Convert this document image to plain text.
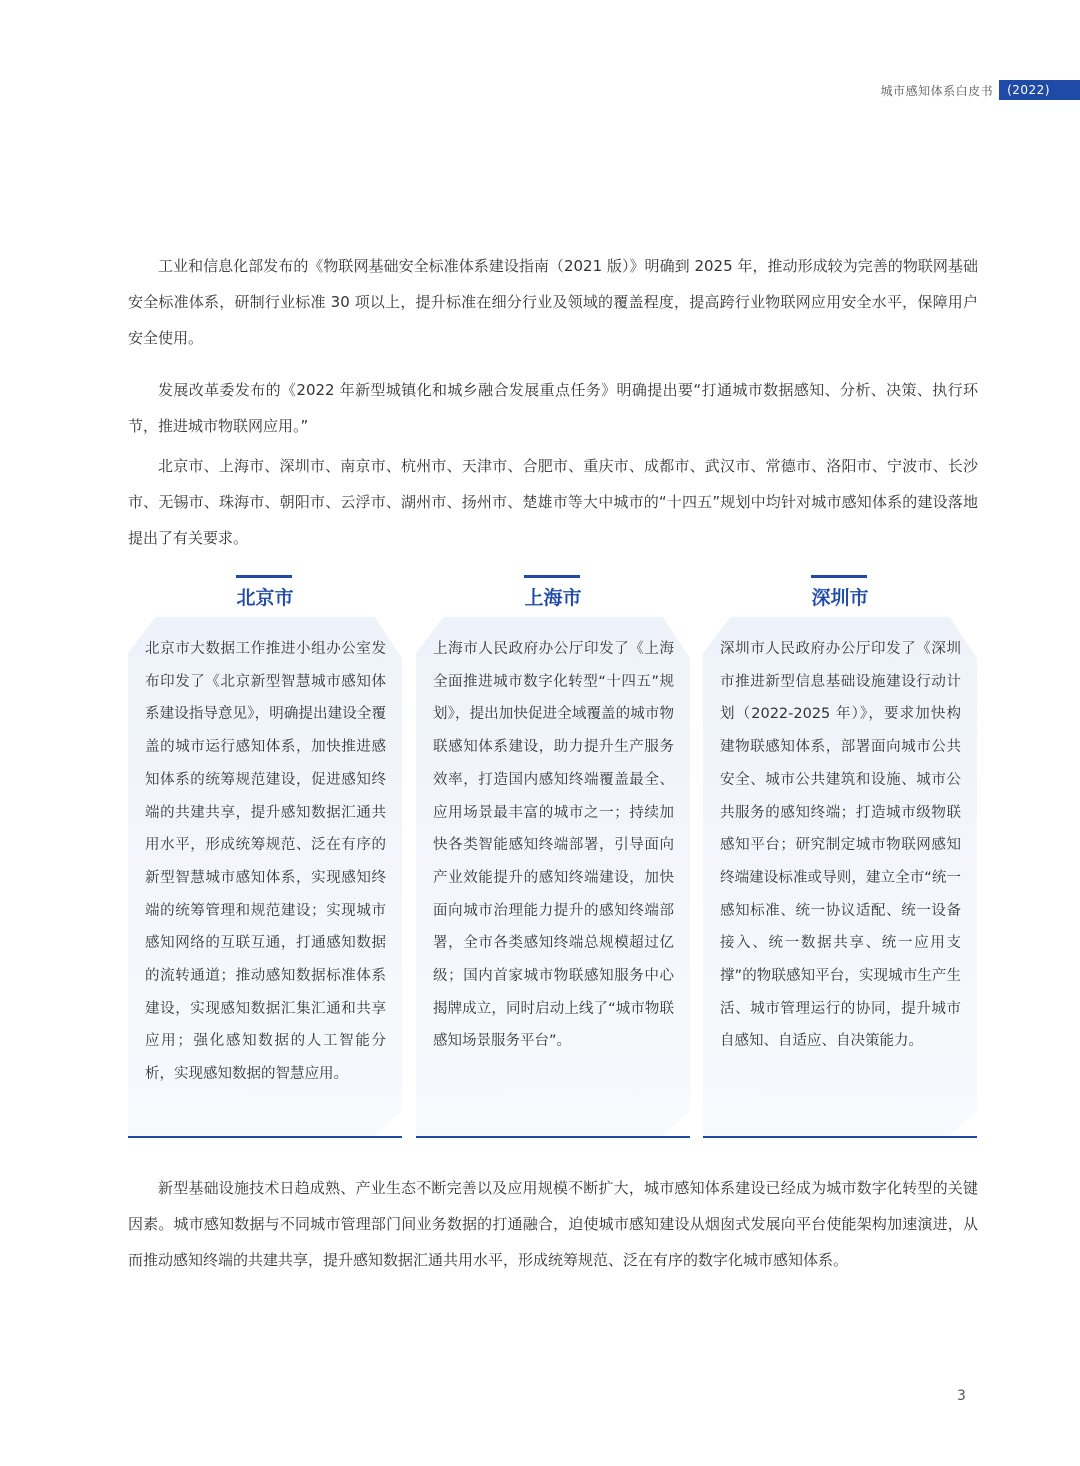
城市感知体系白皮书	(2022)

工业和信息化部发布的《物联网基础安全标准体系建设指南（2021 版）》明确到 2025 年，推动形成较为完善的物联网基础安全标准体系，研制行业标准 30 项以上，提升标准在细分行业及领域的覆盖程度，提高跨行业物联网应用安全水平，保障用户安全使用。

发展改革委发布的《2022 年新型城镇化和城乡融合发展重点任务》明确提出要“打通城市数据感知、分析、决策、执行环节，推进城市物联网应用。”

北京市、上海市、深圳市、南京市、杭州市、天津市、合肥市、重庆市、成都市、武汉市、常德市、洛阳市、宁波市、长沙市、无锡市、珠海市、朝阳市、云浮市、湖州市、扬州市、楚雄市等大中城市的“十四五”规划中均针对城市感知体系的建设落地提出了有关要求。

北京市

北京市大数据工作推进小组办公室发布印发了《北京新型智慧城市感知体系建设指导意见》，明确提出建设全覆盖的城市运行感知体系，加快推进感知体系的统筹规范建设，促进感知终端的共建共享，提升感知数据汇通共用水平，形成统筹规范、泛在有序的新型智慧城市感知体系，实现感知终端的统筹管理和规范建设；实现城市感知网络的互联互通，打通感知数据的流转通道；推动感知数据标准体系建设，实现感知数据汇集汇通和共享应用；强化感知数据的人工智能分析，实现感知数据的智慧应用。

上海市

上海市人民政府办公厅印发了《上海全面推进城市数字化转型“十四五”规划》，提出加快促进全域覆盖的城市物联感知体系建设，助力提升生产服务效率，打造国内感知终端覆盖最全、应用场景最丰富的城市之一；持续加快各类智能感知终端部署，引导面向产业效能提升的感知终端建设，加快面向城市治理能力提升的感知终端部署，全市各类感知终端总规模超过亿级；国内首家城市物联感知服务中心揭牌成立，同时启动上线了“城市物联感知场景服务平台”。

深圳市

深圳市人民政府办公厅印发了《深圳市推进新型信息基础设施建设行动计划（2022-2025 年）》，要求加快构建物联感知体系，部署面向城市公共安全、城市公共建筑和设施、城市公共服务的感知终端；打造城市级物联感知平台；研究制定城市物联网感知终端建设标准或导则，建立全市“统一感知标准、统一协议适配、统一设备接入、统一数据共享、统一应用支撑”的物联感知平台，实现城市生产生活、城市管理运行的协同，提升城市自感知、自适应、自决策能力。

新型基础设施技术日趋成熟、产业生态不断完善以及应用规模不断扩大，城市感知体系建设已经成为城市数字化转型的关键因素。城市感知数据与不同城市管理部门间业务数据的打通融合，迫使城市感知建设从烟囱式发展向平台使能架构加速演进，从而推动感知终端的共建共享，提升感知数据汇通共用水平，形成统筹规范、泛在有序的数字化城市感知体系。

3
